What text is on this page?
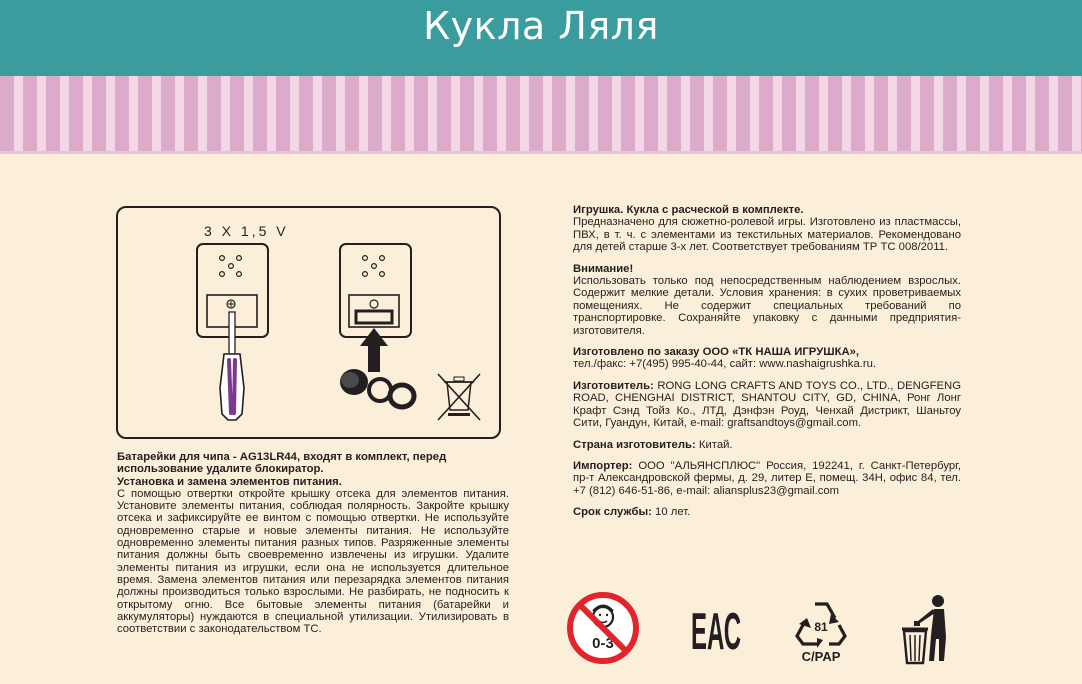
Кукла Ляля
3 X 1,5 V
Батарейки для чипа - AG13LR44, входят в комплект, перед использование удалите блокиратор.
Установка и замена элементов питания.
С помощью отвертки откройте крышку отсека для элементов питания. Установите элементы питания, соблюдая полярность. Закройте крышку отсека и зафиксируйте ее винтом с помощью отвертки. Не используйте одновременно старые и новые элементы питания. Не используйте одновременно элементы питания разных типов. Разряженные элементы питания должны быть своевременно извлечены из игрушки. Удалите элементы питания из игрушки, если она не используется длительное время. Замена элементов питания или перезарядка элементов питания должны производиться только взрослыми. Не разбирать, не подносить к открытому огню. Все бытовые элементы питания (батарейки и аккумуляторы) нуждаются в специальной утилизации. Утилизировать в соответствии с законодательством ТС.
Игрушка. Кукла с расческой в комплекте.
Предназначено для сюжетно-ролевой игры. Изготовлено из пластмассы, ПВХ, в т. ч. с элементами из текстильных материалов. Рекомендовано для детей старше 3-х лет. Соответствует требованиям ТР ТС 008/2011.
Внимание!
Использовать только под непосредственным наблюдением взрослых. Содержит мелкие детали. Условия хранения: в сухих проветриваемых помещениях. Не содержит специальных требований по транспортировке. Сохраняйте упаковку с данными предприятия-изготовителя.
Изготовлено по заказу ООО «ТК НАША ИГРУШКА»,
тел./факс: +7(495) 995-40-44, сайт: www.nashaigrushka.ru.
Изготовитель: RONG LONG CRAFTS AND TOYS CO., LTD., DENGFENG ROAD, CHENGHAI DISTRICT, SHANTOU CITY, GD, CHINA, Ронг Лонг Крафт Сэнд Тойз Ко., ЛТД, Дэнфэн Роуд, Ченхай Дистрикт, Шаньтоу Сити, Гуандун, Китай, e-mail: graftsandtoys@gmail.com.
Страна изготовитель: Китай.
Импортер: ООО "АЛЬЯНСПЛЮС" Россия, 192241, г. Санкт-Петербург, пр-т Александровской фермы, д. 29, литер Е, помещ. 34Н, офис 84, тел. +7 (812) 646-51-86, e-mail: aliansplus23@gmail.com
Срок службы: 10 лет.
0-3 ЕАС	81
C/PAP
